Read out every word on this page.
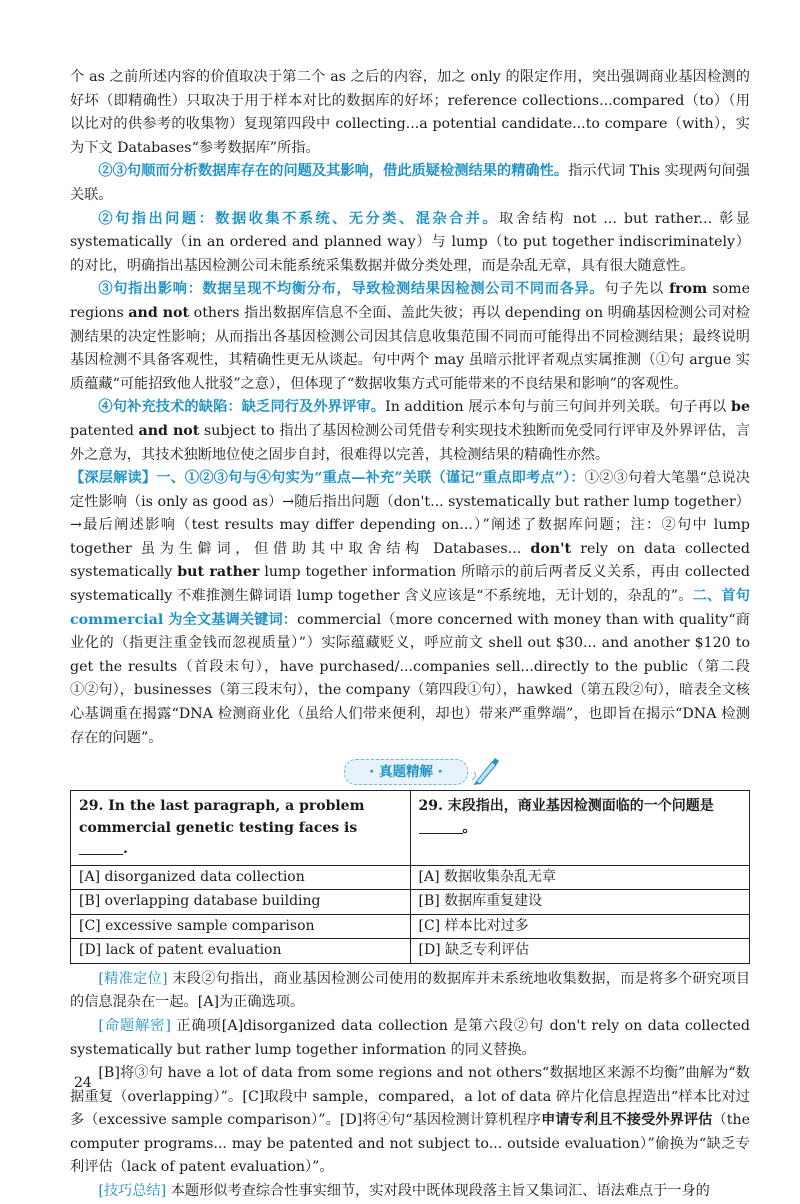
个 as 之前所述内容的价值取决于第二个 as 之后的内容，加之 only 的限定作用，突出强调商业基因检测的好坏（即精确性）只取决于用于样本对比的数据库的好坏；reference collections...compared（to）（用以比对的供参考的收集物）复现第四段中 collecting...a potential candidate...to compare（with），实为下文 Databases“参考数据库”所指。

②③句顺而分析数据库存在的问题及其影响，借此质疑检测结果的精确性。指示代词 This 实现两句间强关联。

②句指出问题：数据收集不系统、无分类、混杂合并。取舍结构 not ... but rather... 彰显 systematically（in an ordered and planned way）与 lump（to put together indiscriminately）的对比，明确指出基因检测公司未能系统采集数据并做分类处理，而是杂乱无章，具有很大随意性。

③句指出影响：数据呈现不均衡分布，导致检测结果因检测公司不同而各异。句子先以 from some regions and not others 指出数据库信息不全面、盖此失彼；再以 depending on 明确基因检测公司对检测结果的决定性影响；从而指出各基因检测公司因其信息收集范围不同而可能得出不同检测结果；最终说明基因检测不具备客观性，其精确性更无从谈起。句中两个 may 虽暗示批评者观点实属推测（①句 argue 实质蕴藏“可能招致他人批驳”之意），但体现了“数据收集方式可能带来的不良结果和影响”的客观性。

④句补充技术的缺陷：缺乏同行及外界评审。In addition 展示本句与前三句间并列关联。句子再以 be patented and not subject to 指出了基因检测公司凭借专利实现技术独断而免受同行评审及外界评估，言外之意为，其技术独断地位使之固步自封，很难得以完善，其检测结果的精确性亦然。

【深层解读】一、①②③句与④句实为“重点—补充”关联（谨记“重点即考点”）：①②③句着大笔墨“总说决定性影响（is only as good as）→随后指出问题（don't... systematically but rather lump together）→最后阐述影响（test results may differ depending on...）”阐述了数据库问题；注：②句中 lump together 虽为生僻词，但借助其中取舍结构 Databases... don't rely on data collected systematically but rather lump together information 所暗示的前后两者反义关系，再由 collected systematically 不难推测生僻词语 lump together 含义应该是“不系统地，无计划的，杂乱的”。二、首句 commercial 为全文基调关键词：commercial（more concerned with money than with quality“商业化的（指更注重金钱而忽视质量）”）实际蕴藏贬义，呼应前文 shell out $30... and another $120 to get the results（首段末句），have purchased/...companies sell...directly to the public（第二段①②句），businesses（第三段末句），the company（第四段①句），hawked（第五段②句），暗表全文核心基调重在揭露“DNA 检测商业化（虽给人们带来便利，却也）带来严重弊端”，也即旨在揭示“DNA 检测存在的问题”。

· 真题精解 ·
29. In the last paragraph, a problem commercial genetic testing faces is .	29. 末段指出，商业基因检测面临的一个问题是
。
[A] disorganized data collection	[A] 数据收集杂乱无章
[B] overlapping database building	[B] 数据库重复建设
[C] excessive sample comparison	[C] 样本比对过多
[D] lack of patent evaluation	[D] 缺乏专利评估

[精准定位] 末段②句指出，商业基因检测公司使用的数据库并未系统地收集数据，而是将多个研究项目的信息混杂在一起。[A]为正确选项。

[命题解密] 正确项[A]disorganized data collection 是第六段②句 don't rely on data collected systematically but rather lump together information 的同义替换。

[B]将③句 have a lot of data from some regions and not others“数据地区来源不均衡”曲解为“数据重复（overlapping）”。[C]取段中 sample，compared，a lot of data 碎片化信息捏造出“样本比对过多（excessive sample comparison）”。[D]将④句“基因检测计算机程序申请专利且不接受外界评估（the computer programs... may be patented and not subject to... outside evaluation）”偷换为“缺乏专利评估（lack of patent evaluation）”。

[技巧总结] 本题形似考查综合性事实细节，实对段中既体现段落主旨又集词汇、语法难点于一身的

24
